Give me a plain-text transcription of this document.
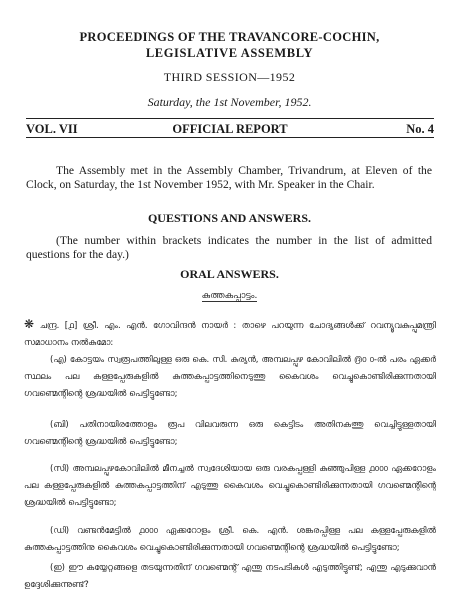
PROCEEDINGS OF THE TRAVANCORE-COCHIN,
LEGISLATIVE ASSEMBLY
THIRD SESSION—1952
Saturday, the 1st November, 1952.
VOL. VII	OFFICIAL REPORT	No. 4
The Assembly met in the Assembly Chamber, Trivandrum, at Eleven of the Clock, on Saturday, the 1st November 1952, with Mr. Speaker in the Chair.
QUESTIONS AND ANSWERS.
(The number within brackets indicates the number in the list of admitted questions for the day.)
ORAL ANSWERS.
കുത്തകപ്പാട്ടം.
❋ ചന്ദ്ര. [൧] ശ്രീ. എം. എൻ. ഗോവിന്ദൻ നായർ : താഴെ പറയുന്ന ചോദ്യങ്ങൾക്ക് റവന്യൂവകുപ്പുമന്ത്രി സമാധാനം നൽകുമോ:
(എ) കോട്ടയം സ്വരൂപത്തിലുള്ള ഒരു കെ. സി. കുര്യൻ, അമ്പലപ്പുഴ കോവിലിൽ ൫൦ ൦-ൽ പരം ഏക്കർ സ്ഥലം പല കള്ളപ്പേരുകളിൽ കുത്തകപ്പാട്ടത്തിനെടുത്തു കൈവശം വെച്ചുകൊണ്ടിരിക്കുന്നതായി ഗവണ്മെന്റിന്റെ ശ്രദ്ധയിൽ പെട്ടിട്ടുണ്ടോ;
(ബി) പതിനായിരത്തോളം രൂപ വിലവരുന്ന ഒരു കെട്ടിടം അതിനകത്തു വെച്ചിട്ടുള്ളതായി ഗവണ്മെന്റിന്റെ ശ്രദ്ധയിൽ പെട്ടിട്ടുണ്ടോ;
(സി) അമ്പലപ്പുഴകോവിലിൽ മീനച്ചൽ സ്വദേശിയായ ഒരു വരകപ്പള്ളി കുഞ്ഞുപിള്ള ൧൦൦൦ ഏക്കറോളം പല കള്ളപ്പേരുകളിൽ കുത്തകപ്പാട്ടത്തിന് എടുത്തു കൈവശം വെച്ചുകൊണ്ടിരിക്കുന്നതായി ഗവണ്മെന്റിന്റെ ശ്രദ്ധയിൽ പെട്ടിട്ടുണ്ടോ;
(ഡി) വണ്ടൻമേട്ടിൽ ൧൦൦൦ ഏക്കറോളം ശ്രീ. കെ. എൻ. ശങ്കരപ്പിള്ള പല കള്ളപ്പേരുകളിൽ കുത്തകപ്പാട്ടത്തിനു കൈവശം വെച്ചുകൊണ്ടിരിക്കുന്നതായി ഗവണ്മെന്റിന്റെ ശ്രദ്ധയിൽ പെട്ടിട്ടുണ്ടോ;
(ഇ) ഈ കയ്യേറ്റങ്ങളെ തടയുന്നതിന് ഗവണ്മെന്റ് എന്തു നടപടികൾ എടുത്തിട്ടുണ്ട്; എന്തു എടുക്കുവാൻ ഉദ്ദേശിക്കുന്നുണ്ട്?
